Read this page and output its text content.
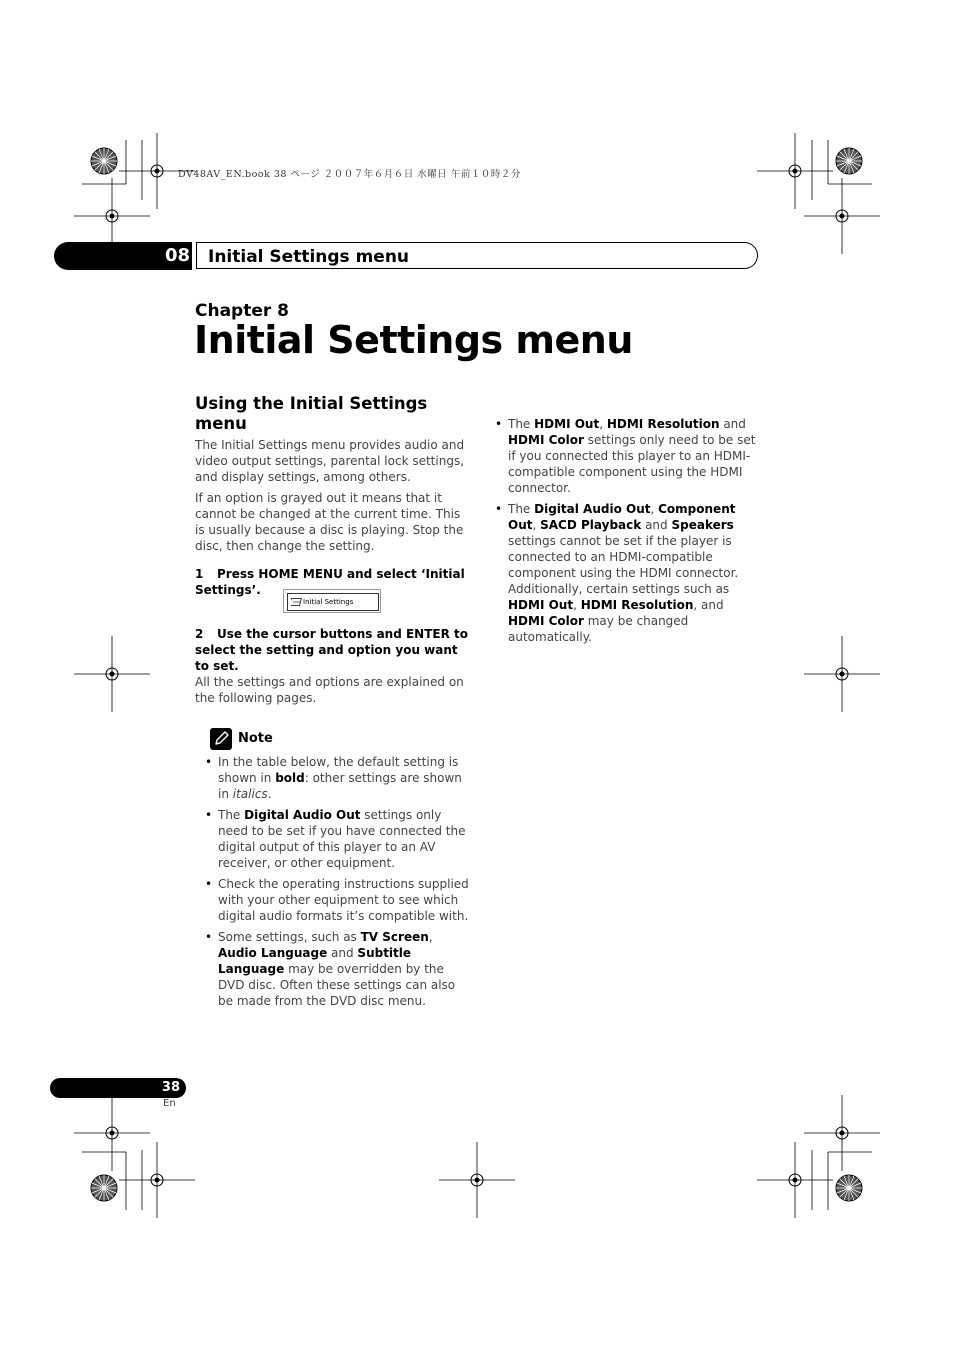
DV48AV_EN.book 38 ページ ２００７年６月６日 水曜日 午前１０時２分
08 Initial Settings menu
Chapter 8
Initial Settings menu
Using the Initial Settings menu

The Initial Settings menu provides audio and video output settings, parental lock settings, and display settings, among others.

If an option is grayed out it means that it cannot be changed at the current time. This is usually because a disc is playing. Stop the disc, then change the setting.

1 Press HOME MENU and select ‘Initial Settings’.

Initial Settings

2 Use the cursor buttons and ENTER to select the setting and option you want to set.

All the settings and options are explained on the following pages.

Note
• In the table below, the default setting is shown in bold: other settings are shown in italics.
• The Digital Audio Out settings only need to be set if you have connected the digital output of this player to an AV receiver, or other equipment.
• Check the operating instructions supplied with your other equipment to see which digital audio formats it’s compatible with.
• Some settings, such as TV Screen, Audio Language and Subtitle Language may be overridden by the DVD disc. Often these settings can also be made from the DVD disc menu.
• The HDMI Out, HDMI Resolution and HDMI Color settings only need to be set if you connected this player to an HDMI-compatible component using the HDMI connector.
• The Digital Audio Out, Component Out, SACD Playback and Speakers settings cannot be set if the player is connected to an HDMI-compatible component using the HDMI connector. Additionally, certain settings such as HDMI Out, HDMI Resolution, and HDMI Color may be changed automatically.
38
En
